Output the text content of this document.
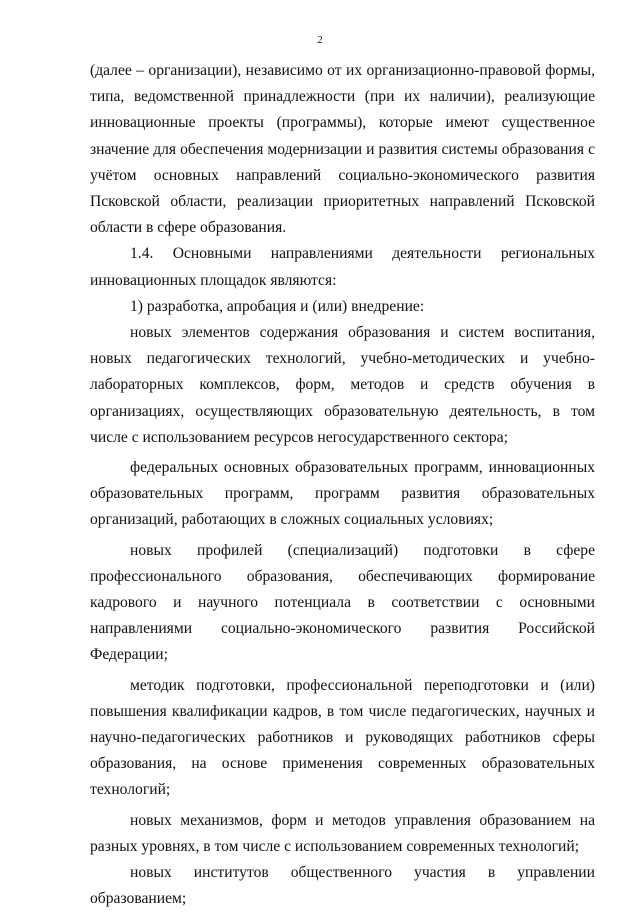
2

(далее – организации), независимо от их организационно-правовой формы, типа, ведомственной принадлежности (при их наличии), реализующие инновационные проекты (программы), которые имеют существенное значение для обеспечения модернизации и развития системы образования с учётом основных направлений социально-экономического развития Псковской области, реализации приоритетных направлений Псковской области в сфере образования.

1.4. Основными направлениями деятельности региональных инновационных площадок являются:

1) разработка, апробация и (или) внедрение:

новых элементов содержания образования и систем воспитания, новых педагогических технологий, учебно-методических и учебно-лабораторных комплексов, форм, методов и средств обучения в организациях, осуществляющих образовательную деятельность, в том числе с использованием ресурсов негосударственного сектора;

федеральных основных образовательных программ, инновационных образовательных программ, программ развития образовательных организаций, работающих в сложных социальных условиях;

новых профилей (специализаций) подготовки в сфере профессионального образования, обеспечивающих формирование кадрового и научного потенциала в соответствии с основными направлениями социально-экономического развития Российской Федерации;

методик подготовки, профессиональной переподготовки и (или) повышения квалификации кадров, в том числе педагогических, научных и научно-педагогических работников и руководящих работников сферы образования, на основе применения современных образовательных технологий;

новых механизмов, форм и методов управления образованием на разных уровнях, в том числе с использованием современных технологий;

новых институтов общественного участия в управлении образованием;
